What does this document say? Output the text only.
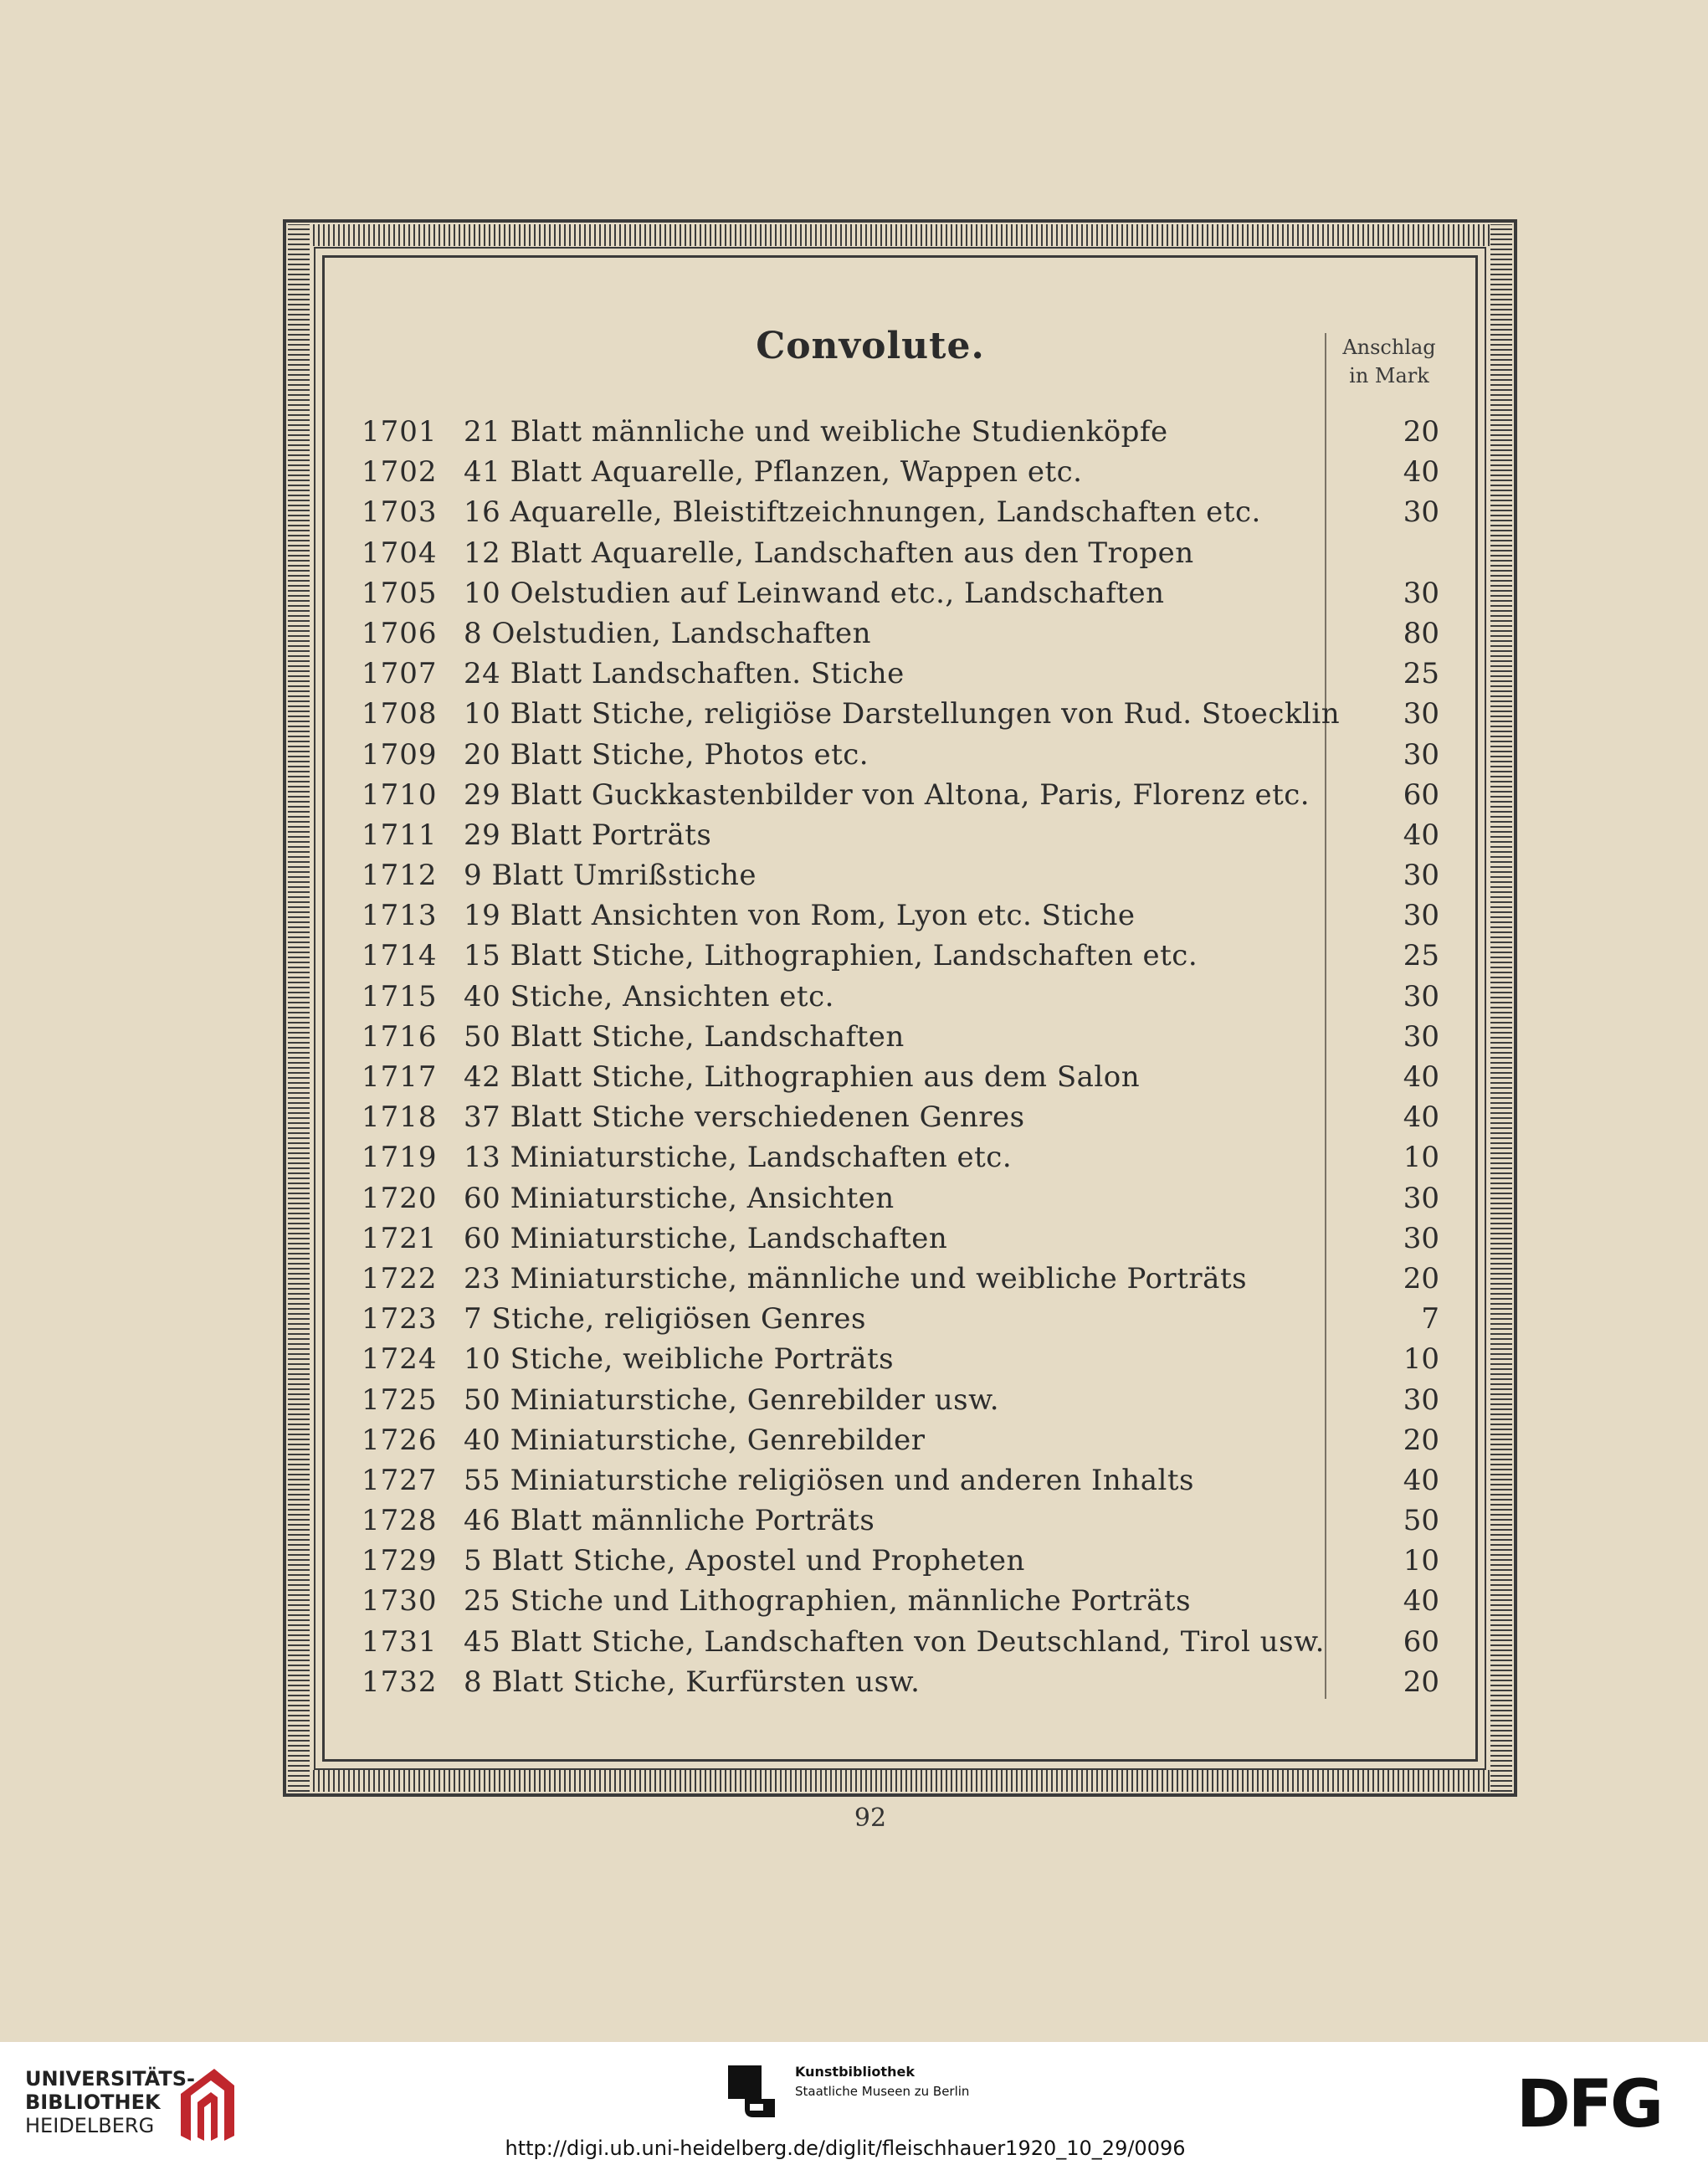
Convolute.	Anschlag
in Mark
1701 21 Blatt männliche und weibliche Studienköpfe	20
1702 41 Blatt Aquarelle, Pflanzen, Wappen etc.	40
1703 16 Aquarelle, Bleistiftzeichnungen, Landschaften etc.	30
1704 12 Blatt Aquarelle, Landschaften aus den Tropen
1705 10 Oelstudien auf Leinwand etc., Landschaften	30
1706 8 Oelstudien, Landschaften	80
1707 24 Blatt Landschaften. Stiche	25
1708 10 Blatt Stiche, religiöse Darstellungen von Rud. Stoecklin	30
1709 20 Blatt Stiche, Photos etc.	30
1710 29 Blatt Guckkastenbilder von Altona, Paris, Florenz etc.	60
1711 29 Blatt Porträts	40
1712 9 Blatt Umrißstiche	30
1713 19 Blatt Ansichten von Rom, Lyon etc. Stiche	30
1714 15 Blatt Stiche, Lithographien, Landschaften etc.	25
1715 40 Stiche, Ansichten etc.	30
1716 50 Blatt Stiche, Landschaften	30
1717 42 Blatt Stiche, Lithographien aus dem Salon	40
1718 37 Blatt Stiche verschiedenen Genres	40
1719 13 Miniaturstiche, Landschaften etc.	10
1720 60 Miniaturstiche, Ansichten	30
1721 60 Miniaturstiche, Landschaften	30
1722 23 Miniaturstiche, männliche und weibliche Porträts	20
1723 7 Stiche, religiösen Genres	7
1724 10 Stiche, weibliche Porträts	10
1725 50 Miniaturstiche, Genrebilder usw.	30
1726 40 Miniaturstiche, Genrebilder	20
1727 55 Miniaturstiche religiösen und anderen Inhalts	40
1728 46 Blatt männliche Porträts	50
1729 5 Blatt Stiche, Apostel und Propheten	10
1730 25 Stiche und Lithographien, männliche Porträts	40
1731 45 Blatt Stiche, Landschaften von Deutschland, Tirol usw.	60
1732 8 Blatt Stiche, Kurfürsten usw.	20
92
UNIVERSITÄTS-
BIBLIOTHEK
HEIDELBERG
Kunstbibliothek
Staatliche Museen zu Berlin	DFG
http://digi.ub.uni-heidelberg.de/diglit/fleischhauer1920_10_29/0096
